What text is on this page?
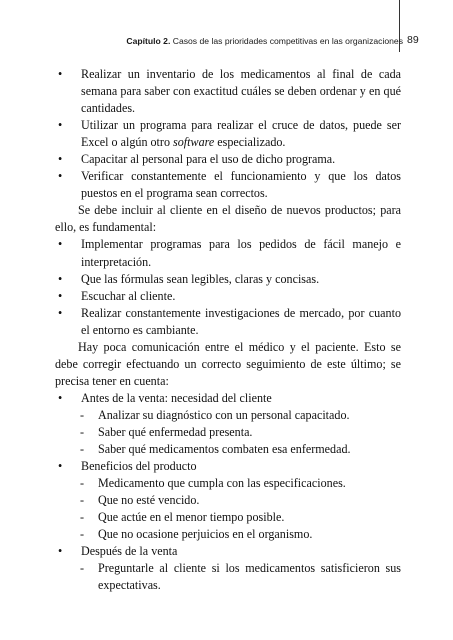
Capítulo 2. Casos de las prioridades competitivas en las organizaciones 89

• Realizar un inventario de los medicamentos al final de cada semana para saber con exactitud cuáles se deben ordenar y en qué cantidades.

• Utilizar un programa para realizar el cruce de datos, puede ser Excel o algún otro software especializado.

• Capacitar al personal para el uso de dicho programa.

• Verificar constantemente el funcionamiento y que los datos puestos en el programa sean correctos.

Se debe incluir al cliente en el diseño de nuevos productos; para ello, es fundamental:

• Implementar programas para los pedidos de fácil manejo e interpretación.

• Que las fórmulas sean legibles, claras y concisas.

• Escuchar al cliente.

• Realizar constantemente investigaciones de mercado, por cuanto el entorno es cambiante.

Hay poca comunicación entre el médico y el paciente. Esto se debe corregir efectuando un correcto seguimiento de este último; se precisa tener en cuenta:

• Antes de la venta: necesidad del cliente

- Analizar su diagnóstico con un personal capacitado.

- Saber qué enfermedad presenta.

- Saber qué medicamentos combaten esa enfermedad.

• Beneficios del producto

- Medicamento que cumpla con las especificaciones.

- Que no esté vencido.

- Que actúe en el menor tiempo posible.

- Que no ocasione perjuicios en el organismo.

• Después de la venta

- Preguntarle al cliente si los medicamentos satisficieron sus expectativas.
